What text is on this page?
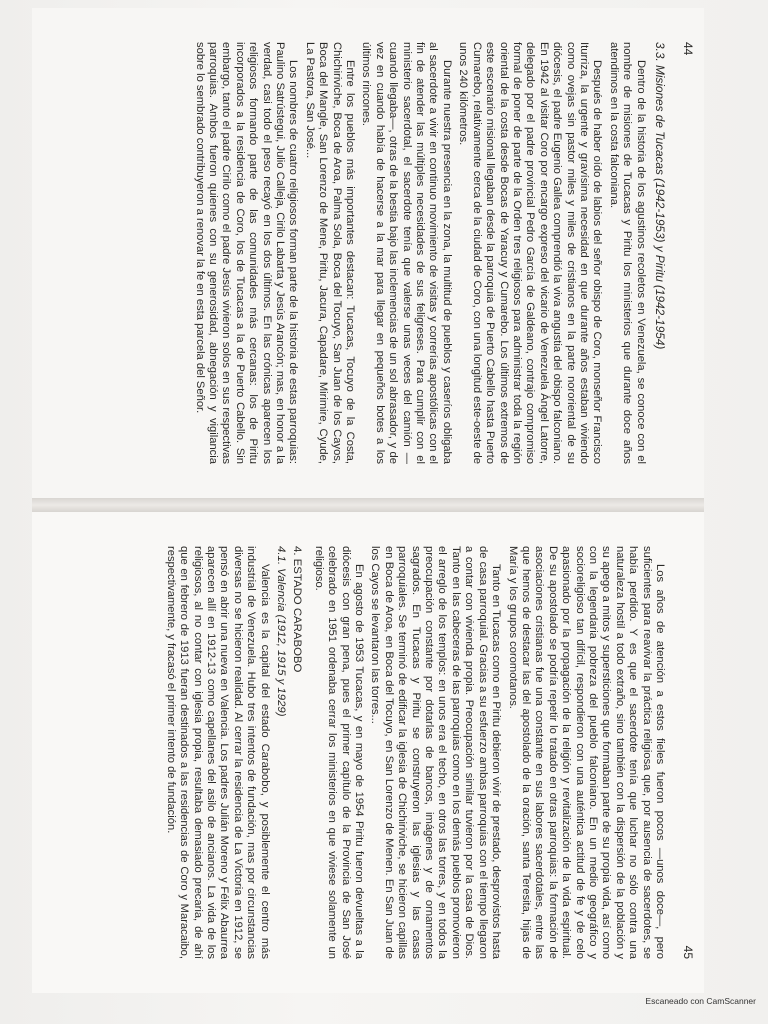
44
3.3. Misiones de Tucacas (1942-1953) y Piritu (1942-1954)

Dentro de la historia de los agustinos recoletos en Venezuela, se conoce con el nombre de misiones de Tucacas y Piritu los ministerios que durante doce años atendimos en la costa falconiana.

Después de haber oído de labios del señor obispo de Coro, monseñor Francisco Iturriza, la urgente y gravísima necesidad en que durante años estaban viviendo como ovejas sin pastor miles y miles de cristianos en la parte nororiental de su diócesis, el padre Eugenio Gallea comprendió la viva angustia del obispo falconiano. En 1942 al visitar Coro por encargo expreso del vicario de Venezuela Ángel Latorre, delegado por el padre provincial Pedro García de Galdeano, contrajo compromiso formal de poner de parte de la Orden tres religiosos para administrar toda la región oriental de la costa desde Bocas de Yaracuy y Cumarebo. Los últimos extremos de este escenario misional llegaban desde la parroquia de Puerto Cabello hasta Puerto Cumarebo, relativamente cerca de la ciudad de Coro, con una longitud este-oeste de unos 240 kilómetros.

Durante nuestra presencia en la zona, la multitud de pueblos y caseríos obligaba al sacerdote a vivir en continuo movimiento de visitas y correrías apostólicas con el fin de atender las múltiples necesidades de sus feligreses. Para cumplir con el ministerio sacerdotal, el sacerdote tenía que valerse unas veces del camión —cuando llegaba—, otras de la bestia bajo las inclemencias de un sol abrasador, y de vez en cuando había de hacerse a la mar para llegar en pequeños botes a los últimos rincones.

Entre los pueblos más importantes destacan: Tucacas, Tocuyo de la Costa, Chichiriviche, Boca de Aroa, Palma Sola, Boca del Tocuyo, San Juan de los Cayos, Boca del Mangle, San Lorenzo de Mene, Piritu, Jacura, Capadare, Mirimire, Cyude, La Pastora, San José...

Los nombres de cuatro religiosos forman parte de la historia de estas parroquias: Paulino Satrústegui, Julio Calleja, Cirilo Labarta y Jesús Arancón; mas, en honor a la verdad, casi todo el peso recayó en los dos últimos. En las crónicas aparecen los religiosos formando parte de las comunidades más cercanas: los de Piritu incorporados a la residencia de Coro, los de Tucacas a la de Puerto Cabello. Sin embargo, tanto el padre Cirilo como el padre Jesús vivieron solos en sus respectivas parroquias. Ambos fueron quienes con su generosidad, abnegación y vigilancia sobre lo sembrado contribuyeron a renovar la fe en esta parcela del Señor.

45

Los años de atención a estos fieles fueron pocos —unos doce—, pero suficientes para reavivar la práctica religiosa que, por ausencia de sacerdotes, se había perdido. Y es que el sacerdote tenía que luchar no sólo contra una naturaleza hostil a todo extraño, sino también con la dispersión de la población y su apego a mitos y supersticiones que formaban parte de su propia vida, así como con la legendaria pobreza del pueblo falconiano. En un medio geográfico y socioreligioso tan difícil, respondieron con una auténtica actitud de fe y de celo apasionado por la propagación de la religión y revitalización de la vida espiritual. De su apostolado se podría repetir lo tratado en otras parroquias: la formación de asociaciones cristianas fue una constante en sus labores sacerdotales, entre las que hemos de destacar las del apostolado de la oración, santa Teresita, hijas de María y los grupos coromotanos.

Tanto en Tucacas como en Piritu debieron vivir de prestado, desprovistos hasta de casa parroquial. Gracias a su esfuerzo ambas parroquias con el tiempo llegaron a contar con vivienda propia. Preocupación similar tuvieron por la casa de Dios. Tanto en las cabeceras de las parroquias como en los demás pueblos promovieron el arreglo de los templos: en unos era el techo, en otros las torres, y en todos la preocupación constante por dotarlas de bancos, imágenes y de ornamentos sagrados. En Tucacas y Piritu se construyeron las iglesias y las casas parroquiales. Se terminó de edificar la iglesia de Chichiriviche, se hicieron capillas en Boca de Aroa, en Boca del Tocuyo, en San Lorenzo de Menen. En San Juan de los Cayos se levantaron las torres...

En agosto de 1953 Tucacas, y en mayo de 1954 Piritu fueron devueltas a la diócesis con gran pena, pues el primer capítulo de la Provincia de San José celebrado en 1951 ordenaba cerrar los ministerios en que viviese solamente un religioso.

4. ESTADO CARABOBO
4.1. Valencia (1912, 1915 y 1929)

Valencia es la capital del estado Carabobo, y posiblemente el centro más industrial de Venezuela. Hubo tres intentos de fundación, mas por circunstancias diversas no se hicieron realidad. Al cerrar la residencia de La Victoria en 1912, se pensó en abrir una nueva en Valencia. Los padres Julián Moreno y Félix Abaurrea aparecen allí en 1912-13 como capellanes del asilo de ancianos. La vida de los religiosos, al no contar con iglesia propia, resultaba demasiado precaria, de ahí que en febrero de 1913 fueran destinados a las residencias de Coro y Maracaibo, respectivamente, y fracasó el primer intento de fundación.

Escaneado con CamScanner
